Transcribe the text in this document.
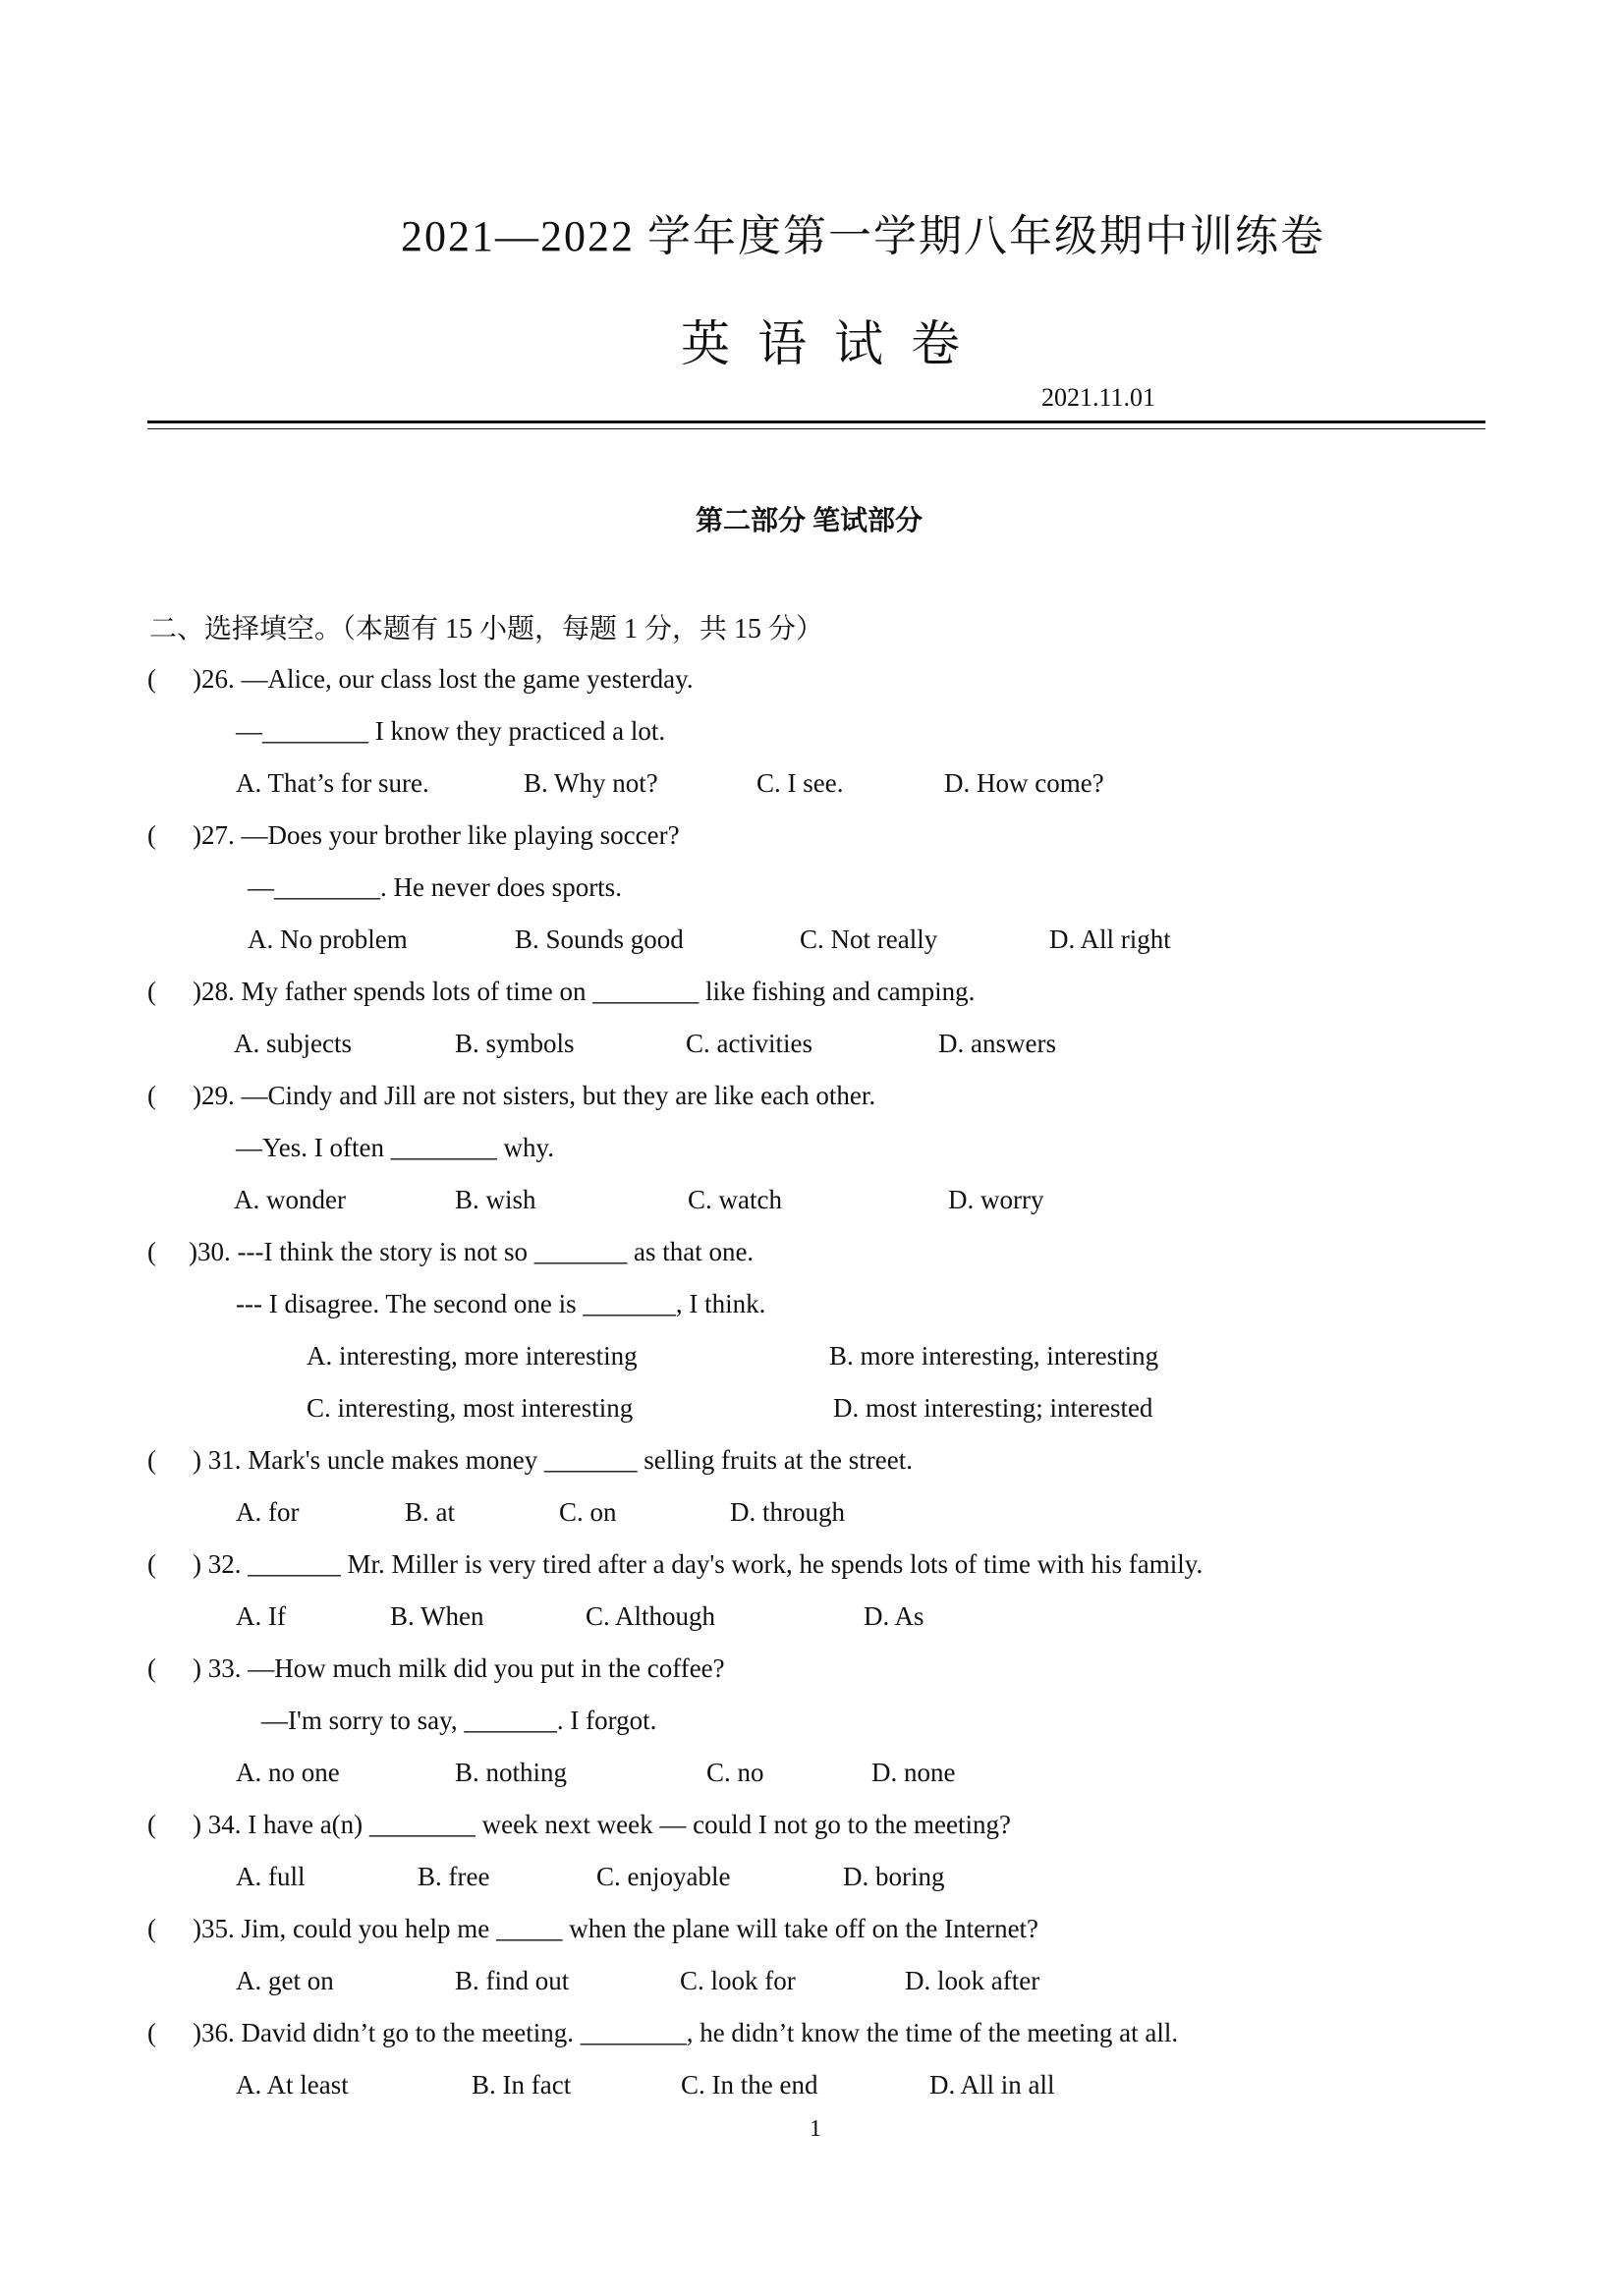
2021—2022 学年度第一学期八年级期中训练卷
英语试卷
2021.11.01
第二部分 笔试部分
二、选择填空。（本题有 15 小题，每题 1 分，共 15 分）
( )26. —Alice, our class lost the game yesterday.
—________ I know they practiced a lot.
A. That’s for sure.	B. Why not?	C. I see.	D. How come?
( )27. —Does your brother like playing soccer?
—________. He never does sports.
A. No problem	B. Sounds good	C. Not really	D. All right
( )28. My father spends lots of time on ________ like fishing and camping.
A. subjects	B. symbols	C. activities	D. answers
( )29. —Cindy and Jill are not sisters, but they are like each other.
—Yes. I often ________ why.
A. wonder	B. wish	C. watch	D. worry
( )30. ---I think the story is not so _______ as that one.
--- I disagree. The second one is _______, I think.
A. interesting, more interesting	B. more interesting, interesting
C. interesting, most interesting	D. most interesting; interested
( ) 31. Mark's uncle makes money _______ selling fruits at the street.
A. for	B. at	C. on	D. through
( ) 32. _______ Mr. Miller is very tired after a day's work, he spends lots of time with his family.
A. If	B. When	C. Although	D. As
( ) 33. —How much milk did you put in the coffee?
—I'm sorry to say, _______. I forgot.
A. no one	B. nothing	C. no	D. none
( ) 34. I have a(n) ________ week next week — could I not go to the meeting?
A. full	B. free	C. enjoyable	D. boring
( )35. Jim, could you help me _____ when the plane will take off on the Internet?
A. get on	B. find out	C. look for	D. look after
( )36. David didn’t go to the meeting. ________, he didn’t know the time of the meeting at all.
A. At least	B. In fact	C. In the end	D. All in all
1
